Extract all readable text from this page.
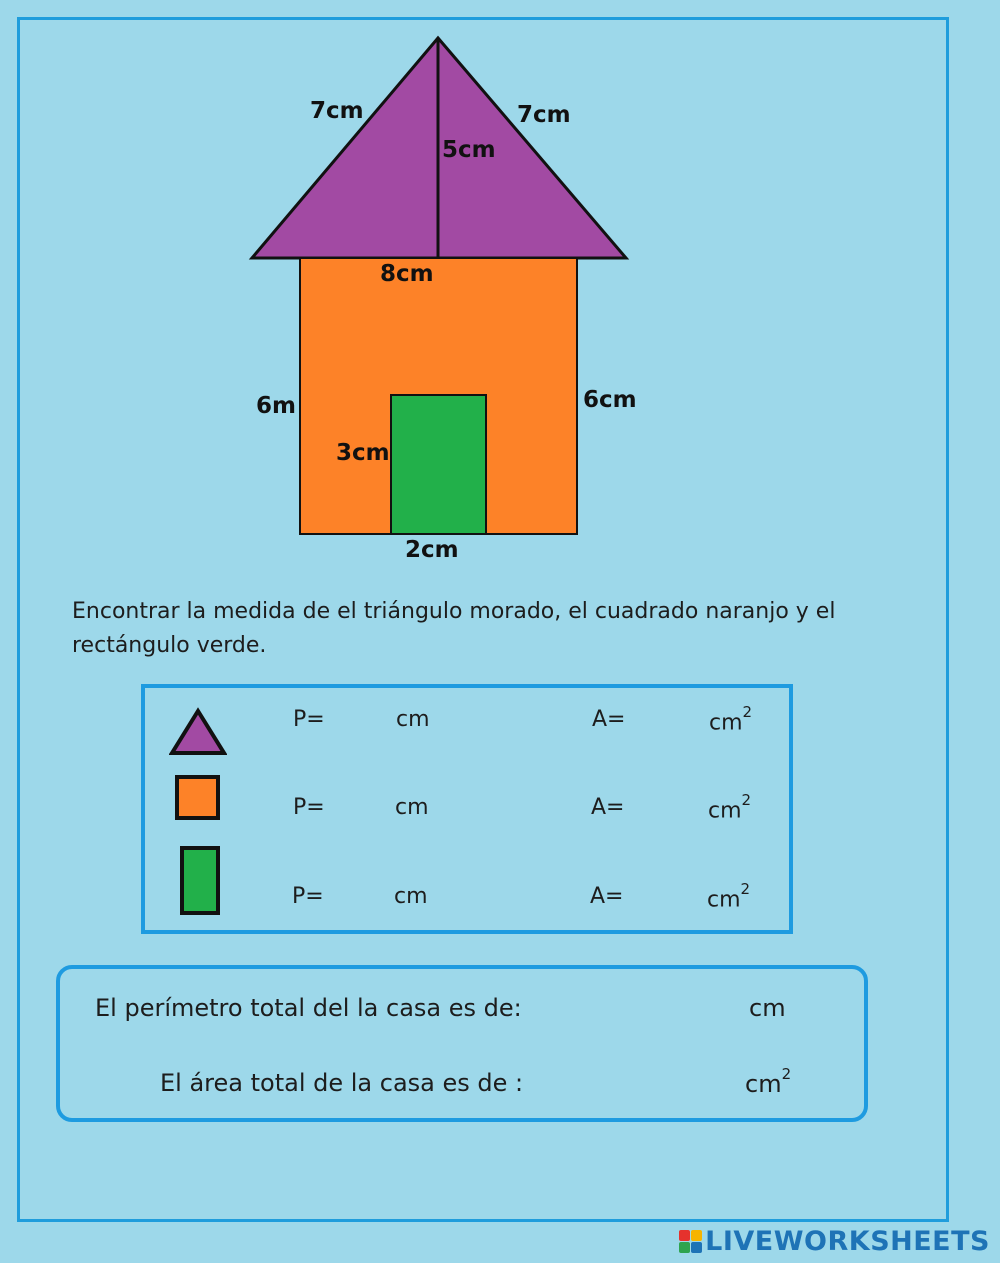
7cm	7cm
5cm
8cm
6m	6cm
3cm
2cm
Encontrar la medida de el triángulo morado, el cuadrado naranjo y el rectángulo verde.
P=	cm	A=	$cm^2$
P=	cm	A=	$cm^2$
P=	cm	A=	$cm^2$
El perímetro total del la casa es de:	cm
El área total de la casa es de :	$cm^2$
LIVEWORKSHEETS
